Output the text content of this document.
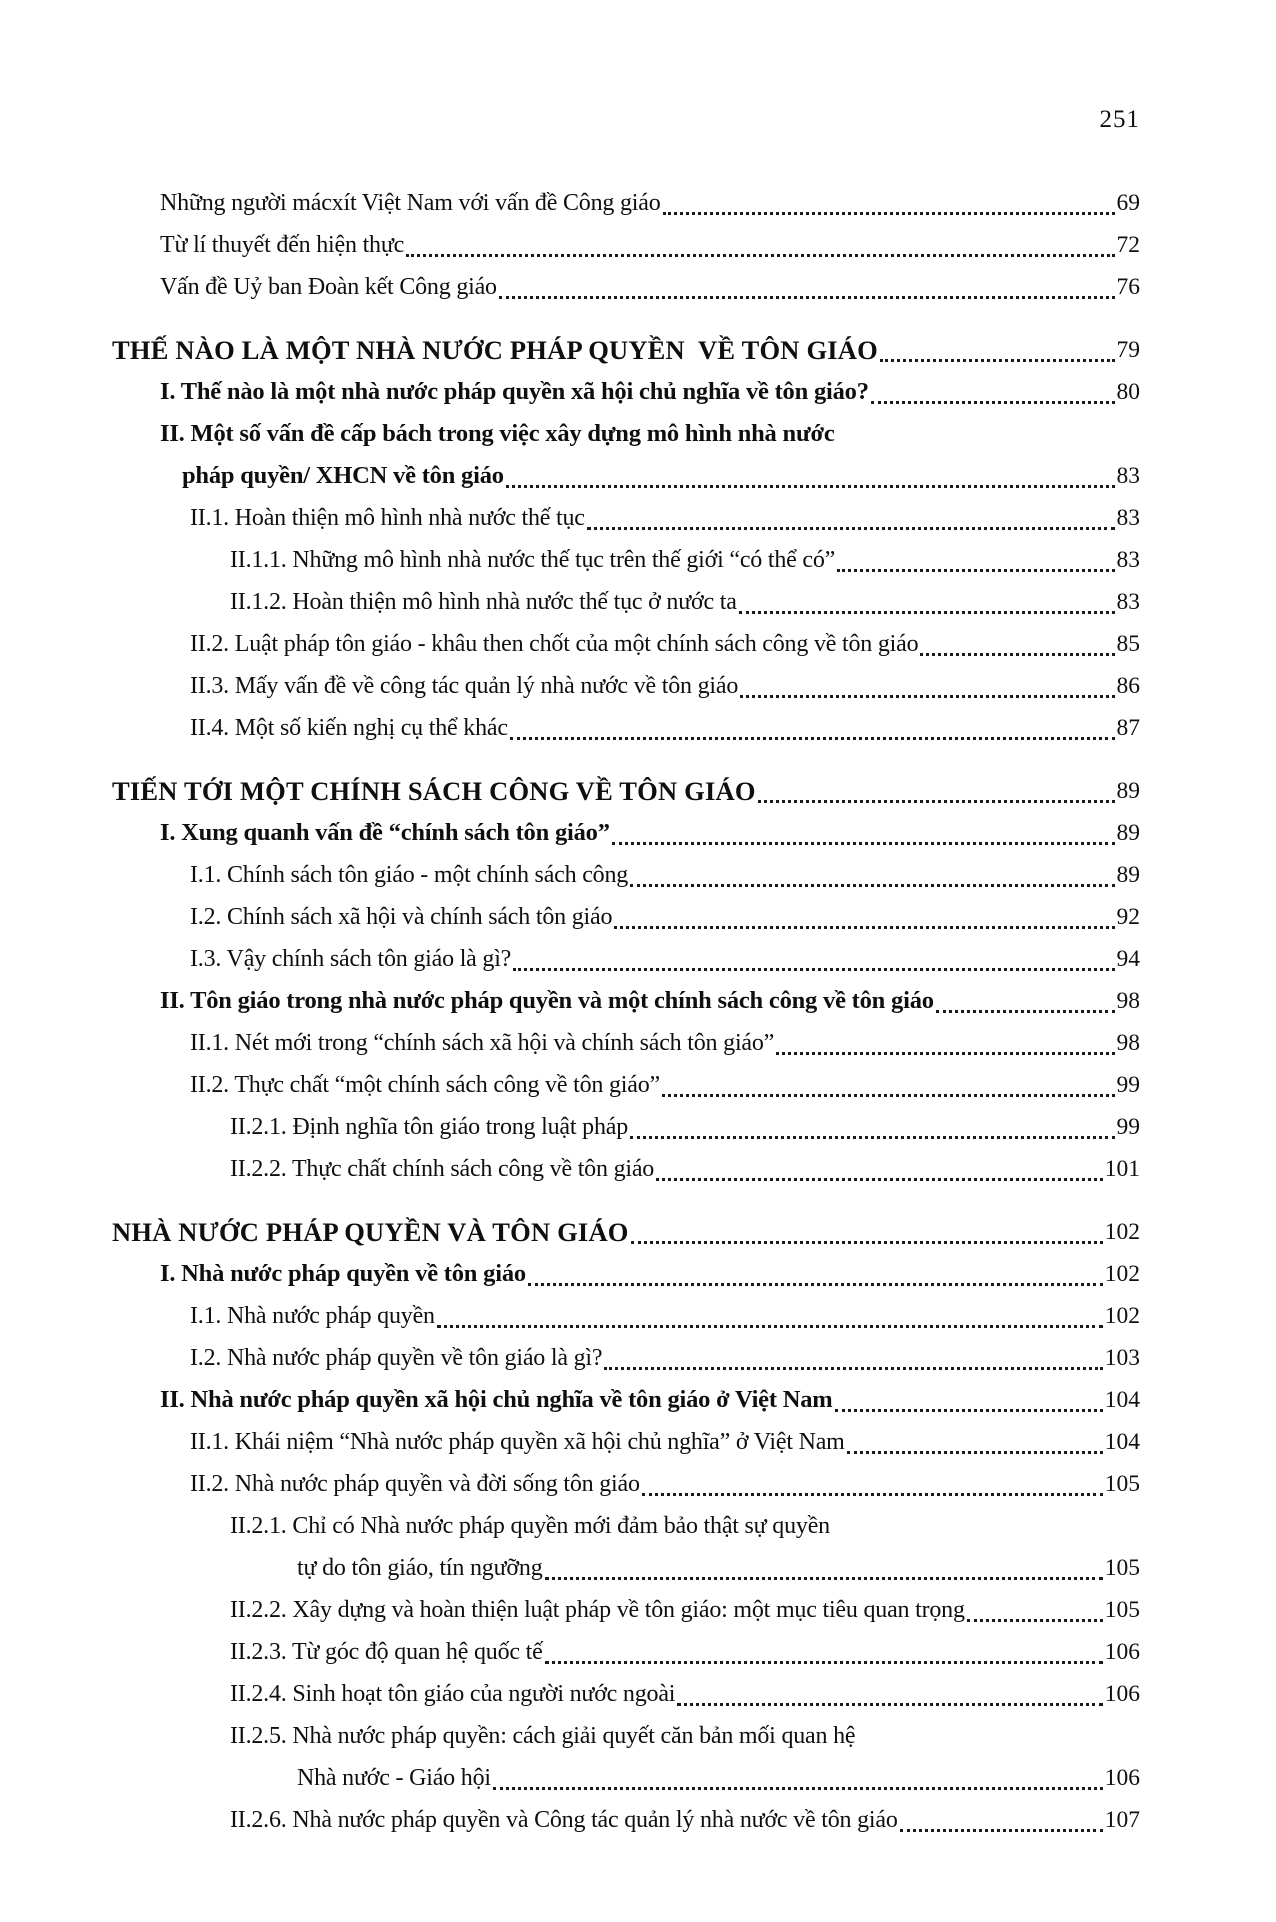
251
Những người mácxít Việt Nam với vấn đề Công giáo	69
Từ lí thuyết đến hiện thực	72
Vấn đề Uỷ ban Đoàn kết Công giáo	76
THẾ NÀO LÀ MỘT NHÀ NƯỚC PHÁP QUYỀN  VỀ TÔN GIÁO	79
I. Thế nào là một nhà nước pháp quyền xã hội chủ nghĩa về tôn giáo?	80
II. Một số vấn đề cấp bách trong việc xây dựng mô hình nhà nước
pháp quyền/ XHCN về tôn giáo	83
II.1. Hoàn thiện mô hình nhà nước thế tục	83
II.1.1. Những mô hình nhà nước thế tục trên thế giới “có thể có”	83
II.1.2. Hoàn thiện mô hình nhà nước thế tục ở nước ta	83
II.2. Luật pháp tôn giáo - khâu then chốt của một chính sách công về tôn giáo	85
II.3. Mấy vấn đề về công tác quản lý nhà nước về tôn giáo	86
II.4. Một số kiến nghị cụ thể khác	87
TIẾN TỚI MỘT CHÍNH SÁCH CÔNG VỀ TÔN GIÁO	89
I. Xung quanh vấn đề “chính sách tôn giáo”	89
I.1. Chính sách tôn giáo - một chính sách công	89
I.2. Chính sách xã hội và chính sách tôn giáo	92
I.3. Vậy chính sách tôn giáo là gì?	94
II. Tôn giáo trong nhà nước pháp quyền và một chính sách công về tôn giáo	98
II.1. Nét mới trong “chính sách xã hội và chính sách tôn giáo”	98
II.2. Thực chất “một chính sách công về tôn giáo”	99
II.2.1. Định nghĩa tôn giáo trong luật pháp	99
II.2.2. Thực chất chính sách công về tôn giáo	101
NHÀ NƯỚC PHÁP QUYỀN VÀ TÔN GIÁO	102
I. Nhà nước pháp quyền về tôn giáo	102
I.1. Nhà nước pháp quyền	102
I.2. Nhà nước pháp quyền về tôn giáo là gì?	103
II. Nhà nước pháp quyền xã hội chủ nghĩa về tôn giáo ở Việt Nam	104
II.1. Khái niệm “Nhà nước pháp quyền xã hội chủ nghĩa” ở Việt Nam	104
II.2. Nhà nước pháp quyền và đời sống tôn giáo	105
II.2.1. Chỉ có Nhà nước pháp quyền mới đảm bảo thật sự quyền
tự do tôn giáo, tín ngưỡng	105
II.2.2. Xây dựng và hoàn thiện luật pháp về tôn giáo: một mục tiêu quan trọng	105
II.2.3. Từ góc độ quan hệ quốc tế	106
II.2.4. Sinh hoạt tôn giáo của người nước ngoài	106
II.2.5. Nhà nước pháp quyền: cách giải quyết căn bản mối quan hệ
Nhà nước - Giáo hội	106
II.2.6. Nhà nước pháp quyền và Công tác quản lý nhà nước về tôn giáo	107
